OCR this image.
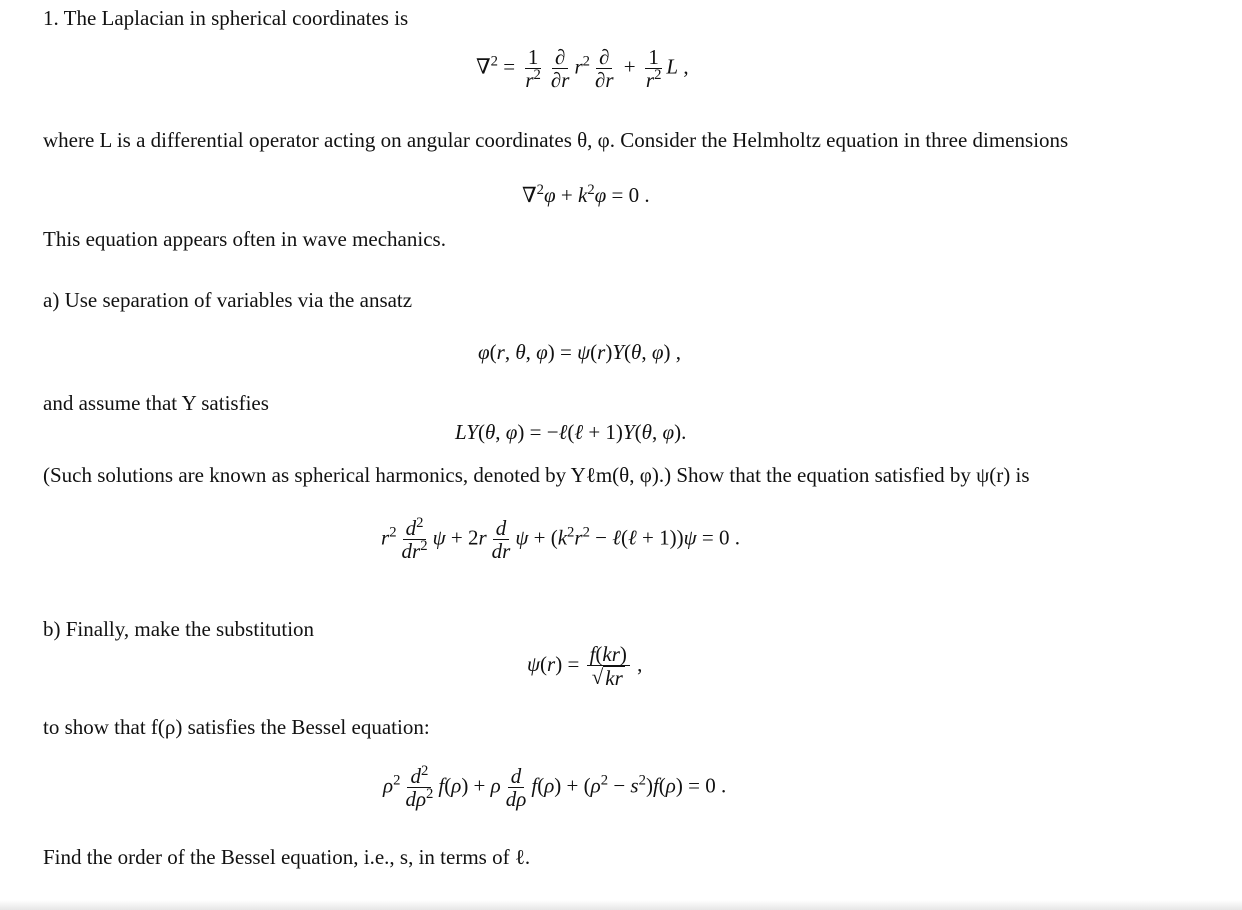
1. The Laplacian in spherical coordinates is
$\nabla^2 = \frac{1}{r^2} \frac{\partial}{\partial r} r^2 \frac{\partial}{\partial r} + \frac{1}{r^2}$ L ,
where L is a differential operator acting on angular coordinates θ, φ. Consider the Helmholtz equation in three dimensions
$\nabla^2\varphi + k^2\varphi = 0$ .
This equation appears often in wave mechanics.
a) Use separation of variables via the ansatz
φ(r, θ, φ) = ψ(r)Y(θ, φ) ,
and assume that Y satisfies
LY(θ, φ) = −ℓ(ℓ + 1)Y(θ, φ).
(Such solutions are known as spherical harmonics, denoted by Yℓm(θ, φ).) Show that the equation satisfied by ψ(r) is
$r^2 \frac{d^2}{dr^2}$ $\psi + 2r \frac{d}{dr}$ $\psi + (k^2r^2$ − ℓ(ℓ + 1))ψ = 0 .
b) Finally, make the substitution
$\psi(r) = \frac{f(kr)}{√ kr}$ ,
to show that f(ρ) satisfies the Bessel equation:
$\rho^2 \frac{d^2}{d\rho^2} f(\rho) + \rho \frac{d}{d\rho} f(\rho) + (\rho^2 - s^2)f(\rho) = 0$ .
Find the order of the Bessel equation, i.e., s, in terms of ℓ.
